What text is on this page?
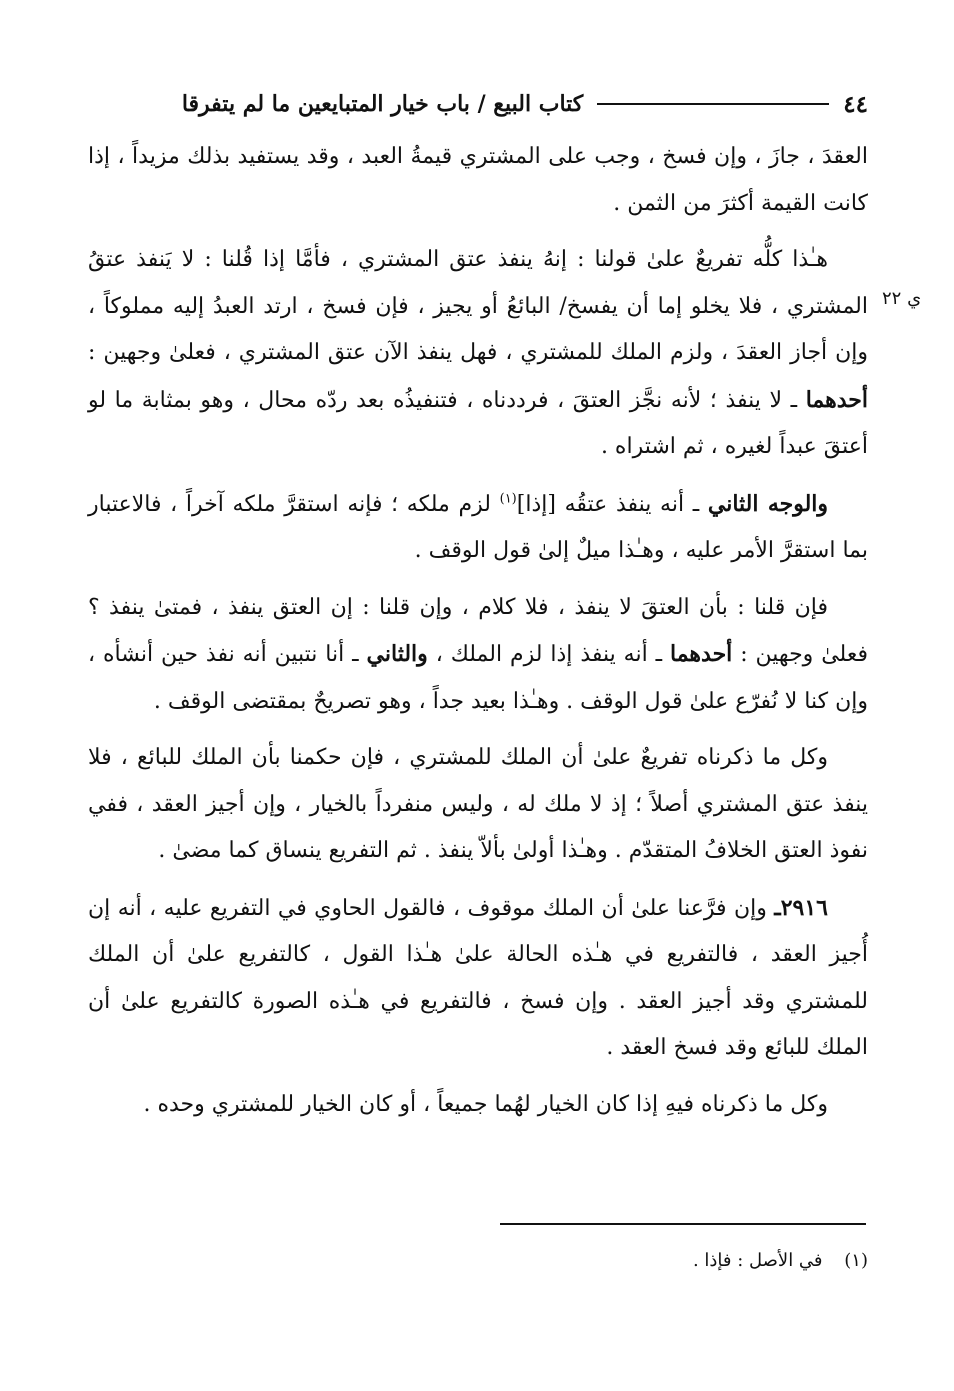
٤٤
كتاب البيع / باب خيار المتبايعين ما لم يتفرقا
ي ٢٢

العقدَ ، جازَ ، وإن فسخ ، وجب على المشتري قيمةُ العبد ، وقد يستفيد بذلك مزيداً ، إذا كانت القيمة أكثرَ من الثمن .

هـٰذا كلُّه تفريعٌ علىٰ قولنا : إنهُ ينفذ عتق المشتري ، فأمَّا إذا قُلنا : لا يَنفذ عتقُ المشتري ، فلا يخلو إما أن يفسخ/ البائعُ أو يجيز ، فإن فسخ ، ارتد العبدُ إليه مملوكاً ، وإن أجاز العقدَ ، ولزم الملك للمشتري ، فهل ينفذ الآن عتق المشتري ، فعلىٰ وجهين : أحدهما ـ لا ينفذ ؛ لأنه نجَّز العتقَ ، فرددناه ، فتنفيذُه بعد ردّه محال ، وهو بمثابة ما لو أعتقَ عبداً لغيره ، ثم اشتراه .

والوجه الثاني ـ أنه ينفذ عتقُه [إذا]$^{(١)}$ لزم ملكه ؛ فإنه استقرَّ ملكه آخراً ، فالاعتبار بما استقرَّ الأمر عليه ، وهـٰذا ميلٌ إلىٰ قول الوقف .

فإن قلنا : بأن العتقَ لا ينفذ ، فلا كلام ، وإن قلنا : إن العتق ينفذ ، فمتىٰ ينفذ ؟ فعلىٰ وجهين : أحدهما ـ أنه ينفذ إذا لزم الملك ، والثاني ـ أنا نتبين أنه نفذ حين أنشأه ، وإن كنا لا نُفرّع علىٰ قول الوقف . وهـٰذا بعيد جداً ، وهو تصريحٌ بمقتضى الوقف .

وكل ما ذكرناه تفريعٌ علىٰ أن الملك للمشتري ، فإن حكمنا بأن الملك للبائع ، فلا ينفذ عتق المشتري أصلاً ؛ إذ لا ملك له ، وليس منفرداً بالخيار ، وإن أجيز العقد ، ففي نفوذ العتق الخلافُ المتقدّم . وهـٰذا أولىٰ بألاّ ينفذ . ثم التفريع ينساق كما مضىٰ .

٢٩١٦ـ وإن فرَّعنا علىٰ أن الملك موقوف ، فالقول الحاوي في التفريع عليه ، أنه إن أُجيز العقد ، فالتفريع في هـٰذه الحالة علىٰ هـٰذا القول ، كالتفريع علىٰ أن الملك للمشتري وقد أجيز العقد . وإن فسخ ، فالتفريع في هـٰذه الصورة كالتفريع علىٰ أن الملك للبائع وقد فسخ العقد .

وكل ما ذكرناه فيهِ إذا كان الخيار لهُما جميعاً ، أو كان الخيار للمشتري وحده .

(١) في الأصل : فإذا .
